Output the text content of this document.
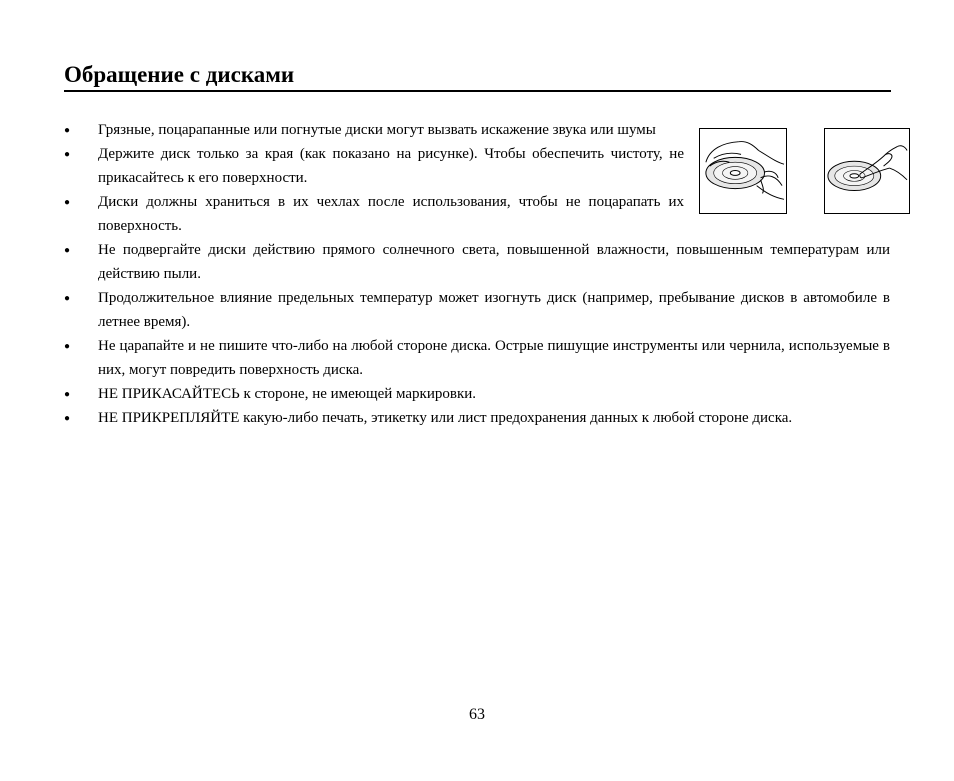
Обращение с дисками
● Грязные, поцарапанные или погнутые диски могут вызвать искажение звука или шумы
● Держите диск только за края (как показано на рисунке). Чтобы обеспечить чистоту, не прикасайтесь к его поверхности.
● Диски должны храниться в их чехлах после использования, чтобы не поцарапать их поверхность.
● Не подвергайте диски действию прямого солнечного света, повышенной влажности, повышенным температурам или действию пыли.
● Продолжительное влияние предельных температур может изогнуть диск (например, пребывание дисков в автомобиле в летнее время).
● Не царапайте и не пишите что-либо на любой стороне диска. Острые пишущие инструменты или чернила, используемые в них, могут повредить поверхность диска.
● НЕ ПРИКАСАЙТЕСЬ к стороне, не имеющей маркировки.
● НЕ ПРИКРЕПЛЯЙТЕ какую-либо печать, этикетку или лист предохранения данных к любой стороне диска.
63
